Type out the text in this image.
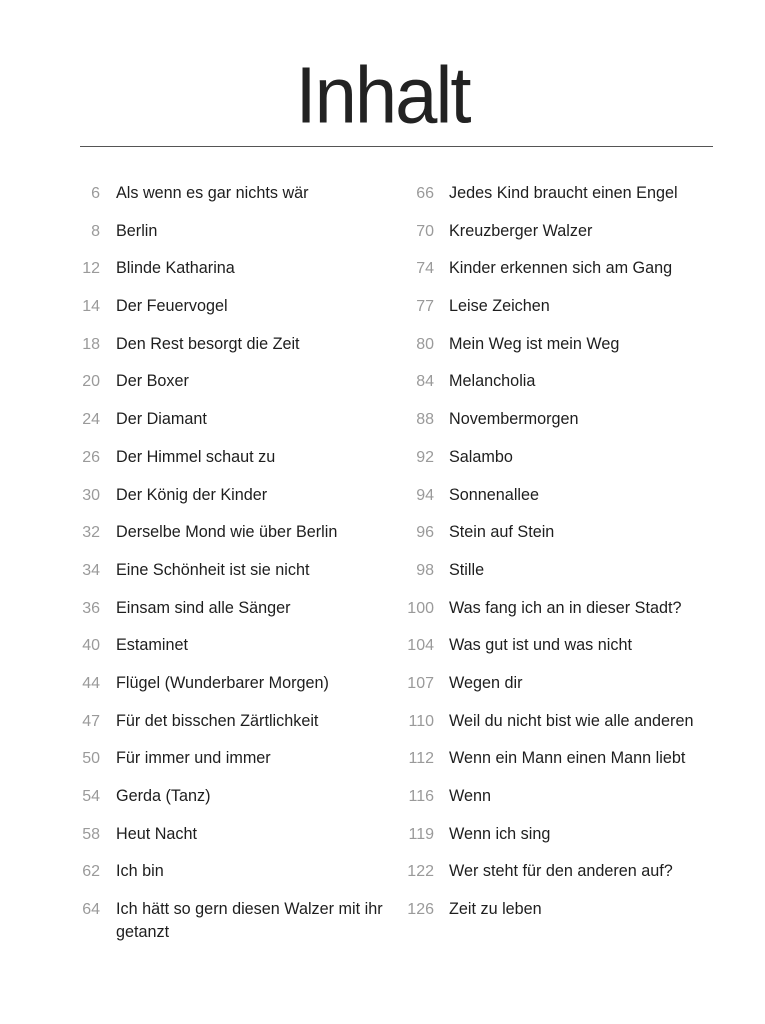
Inhalt
6 Als wenn es gar nichts wär
8 Berlin
12 Blinde Katharina
14 Der Feuervogel
18 Den Rest besorgt die Zeit
20 Der Boxer
24 Der Diamant
26 Der Himmel schaut zu
30 Der König der Kinder
32 Derselbe Mond wie über Berlin
34 Eine Schönheit ist sie nicht
36 Einsam sind alle Sänger
40 Estaminet
44 Flügel (Wunderbarer Morgen)
47 Für det bisschen Zärtlichkeit
50 Für immer und immer
54 Gerda (Tanz)
58 Heut Nacht
62 Ich bin
64 Ich hätt so gern diesen Walzer mit ihr getanzt
66 Jedes Kind braucht einen Engel
70 Kreuzberger Walzer
74 Kinder erkennen sich am Gang
77 Leise Zeichen
80 Mein Weg ist mein Weg
84 Melancholia
88 Novembermorgen
92 Salambo
94 Sonnenallee
96 Stein auf Stein
98 Stille
100 Was fang ich an in dieser Stadt?
104 Was gut ist und was nicht
107 Wegen dir
110 Weil du nicht bist wie alle anderen
112 Wenn ein Mann einen Mann liebt
116 Wenn
119 Wenn ich sing
122 Wer steht für den anderen auf?
126 Zeit zu leben
